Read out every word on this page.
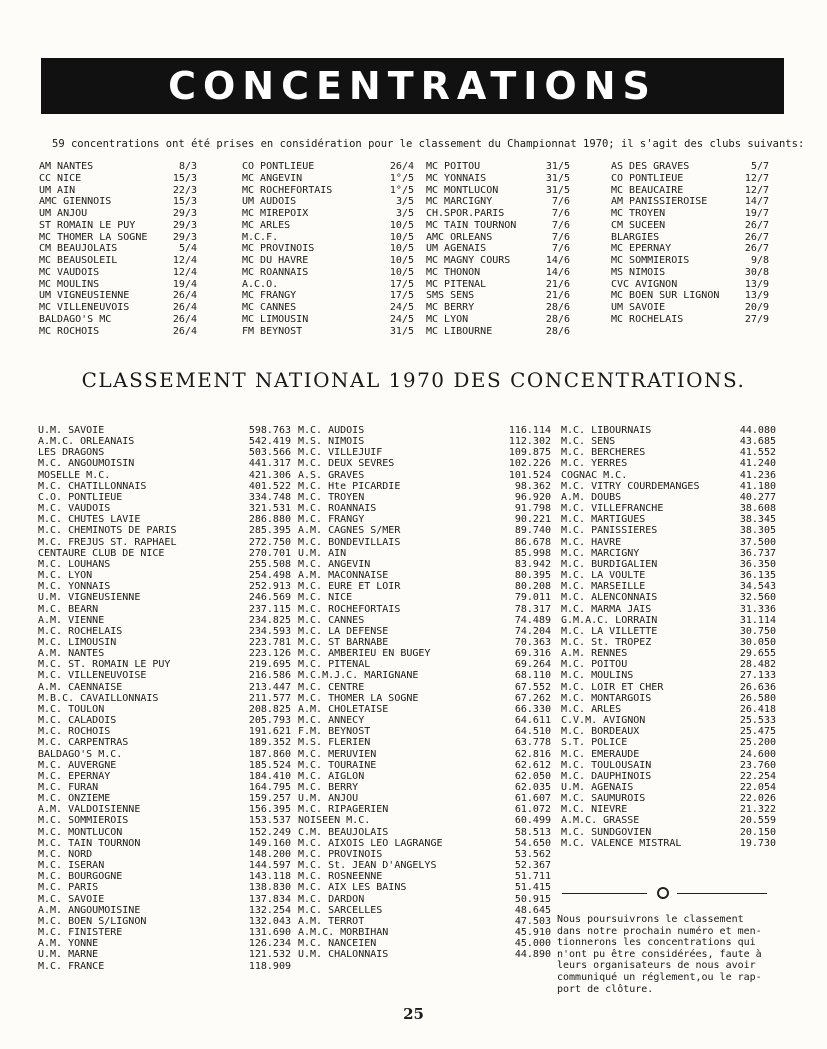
CONCENTRATIONS
59 concentrations ont été prises en considération pour le classement du Championnat 1970; il s'agit des clubs suivants:
AM NANTES	8/3
CC NICE	15/3
UM AIN	22/3
AMC GIENNOIS	15/3
UM ANJOU	29/3
ST ROMAIN LE PUY	29/3
MC THOMER LA SOGNE	29/3
CM BEAUJOLAIS	5/4
MC BEAUSOLEIL	12/4
MC VAUDOIS	12/4
MC MOULINS	19/4
UM VIGNEUSIENNE	26/4
MC VILLENEUVOIS	26/4
BALDAGO'S MC	26/4
MC ROCHOIS	26/4
CO PONTLIEUE	26/4
MC ANGEVIN	1°/5
MC ROCHEFORTAIS	1°/5
UM AUDOIS	3/5
MC MIREPOIX	3/5
MC ARLES	10/5
M.C.F.	10/5
MC PROVINOIS	10/5
MC DU HAVRE	10/5
MC ROANNAIS	10/5
A.C.O.	17/5
MC FRANGY	17/5
MC CANNES	24/5
MC LIMOUSIN	24/5
FM BEYNOST	31/5
MC POITOU	31/5
MC YONNAIS	31/5
MC MONTLUCON	31/5
MC MARCIGNY	7/6
CH.SPOR.PARIS	7/6
MC TAIN TOURNON	7/6
AMC ORLEANS	7/6
UM AGENAIS	7/6
MC MAGNY COURS	14/6
MC THONON	14/6
MC PITENAL	21/6
SMS SENS	21/6
MC BERRY	28/6
MC LYON	28/6
MC LIBOURNE	28/6
AS DES GRAVES	5/7
CO PONTLIEUE	12/7
MC BEAUCAIRE	12/7
AM PANISSIEROISE	14/7
MC TROYEN	19/7
CM SUCEEN	26/7
BLARGIES	26/7
MC EPERNAY	26/7
MC SOMMIEROIS	9/8
MS NIMOIS	30/8
CVC AVIGNON	13/9
MC BOEN SUR LIGNON	13/9
UM SAVOIE	20/9
MC ROCHELAIS	27/9
CLASSEMENT NATIONAL 1970 DES CONCENTRATIONS.
U.M. SAVOIE	598.763
A.M.C. ORLEANAIS	542.419
LES DRAGONS	503.566
M.C. ANGOUMOISIN	441.317
MOSELLE M.C.	421.306
M.C. CHATILLONNAIS	401.522
C.O. PONTLIEUE	334.748
M.C. VAUDOIS	321.531
M.C. CHUTES LAVIE	286.880
M.C. CHEMINOTS DE PARIS	285.395
M.C. FREJUS ST. RAPHAEL	272.750
CENTAURE CLUB DE NICE	270.701
M.C. LOUHANS	255.508
M.C. LYON	254.498
M.C. YONNAIS	252.913
U.M. VIGNEUSIENNE	246.569
M.C. BEARN	237.115
A.M. VIENNE	234.825
M.C. ROCHELAIS	234.593
M.C. LIMOUSIN	223.781
A.M. NANTES	223.126
M.C. ST. ROMAIN LE PUY	219.695
M.C. VILLENEUVOISE	216.586
A.M. CAENNAISE	213.447
M.B.C. CAVAILLONNAIS	211.577
M.C. TOULON	208.825
M.C. CALADOIS	205.793
M.C. ROCHOIS	191.621
M.C. CARPENTRAS	189.352
BALDAGO'S M.C.	187.860
M.C. AUVERGNE	185.524
M.C. EPERNAY	184.410
M.C. FURAN	164.795
M.C. ONZIEME	159.257
A.M. VALDOISIENNE	156.395
M.C. SOMMIEROIS	153.537
M.C. MONTLUCON	152.249
M.C. TAIN TOURNON	149.160
M.C. NORD	148.200
M.C. ISERAN	144.597
M.C. BOURGOGNE	143.118
M.C. PARIS	138.830
M.C. SAVOIE	137.834
A.M. ANGOUMOISINE	132.254
M.C. BOEN S/LIGNON	132.043
M.C. FINISTERE	131.690
A.M. YONNE	126.234
U.M. MARNE	121.532
M.C. FRANCE	118.909
M.C. AUDOIS	116.114
M.S. NIMOIS	112.302
M.C. VILLEJUIF	109.875
M.C. DEUX SEVRES	102.226
A.S. GRAVES	101.524
M.C. Hte PICARDIE	98.362
M.C. TROYEN	96.920
M.C. ROANNAIS	91.798
M.C. FRANGY	90.221
A.M. CAGNES S/MER	89.740
M.C. BONDEVILLAIS	86.678
U.M. AIN	85.998
M.C. ANGEVIN	83.942
A.M. MACONNAISE	80.395
M.C. EURE ET LOIR	80.208
M.C. NICE	79.011
M.C. ROCHEFORTAIS	78.317
M.C. CANNES	74.489
M.C. LA DEFENSE	74.204
M.C. ST BARNABE	70.363
M.C. AMBERIEU EN BUGEY	69.316
M.C. PITENAL	69.264
M.C.M.J.C. MARIGNANE	68.110
M.C. CENTRE	67.552
M.C. THOMER LA SOGNE	67.262
A.M. CHOLETAISE	66.330
M.C. ANNECY	64.611
F.M. BEYNOST	64.510
M.S. FLERIEN	63.778
M.C. MERUVIEN	62.816
M.C. TOURAINE	62.612
M.C. AIGLON	62.050
M.C. BERRY	62.035
U.M. ANJOU	61.607
M.C. RIPAGERIEN	61.072
NOISEEN M.C.	60.499
C.M. BEAUJOLAIS	58.513
M.C. AIXOIS LEO LAGRANGE	54.650
M.C. PROVINOIS	53.562
M.C. St. JEAN D'ANGELYS	52.367
M.C. ROSNEENNE	51.711
M.C. AIX LES BAINS	51.415
M.C. DARDON	50.915
M.C. SARCELLES	48.645
A.M. TERROT	47.503
A.M.C. MORBIHAN	45.910
M.C. NANCEIEN	45.000
U.M. CHALONNAIS	44.890
M.C. LIBOURNAIS	44.080
M.C. SENS	43.685
M.C. BERCHERES	41.552
M.C. YERRES	41.240
COGNAC M.C.	41.236
M.C. VITRY COURDEMANGES	41.180
A.M. DOUBS	40.277
M.C. VILLEFRANCHE	38.608
M.C. MARTIGUES	38.345
M.C. PANISSIERES	38.305
M.C. HAVRE	37.500
M.C. MARCIGNY	36.737
M.C. BURDIGALIEN	36.350
M.C. LA VOULTE	36.135
M.C. MARSEILLE	34.543
M.C. ALENCONNAIS	32.560
M.C. MARMA JAIS	31.336
G.M.A.C. LORRAIN	31.114
M.C. LA VILLETTE	30.750
M.C. St. TROPEZ	30.050
A.M. RENNES	29.655
M.C. POITOU	28.482
M.C. MOULINS	27.133
M.C. LOIR ET CHER	26.636
M.C. MONTARGOIS	26.580
M.C. ARLES	26.418
C.V.M. AVIGNON	25.533
M.C. BORDEAUX	25.475
S.T. POLICE	25.200
M.C. EMERAUDE	24.600
M.C. TOULOUSAIN	23.760
M.C. DAUPHINOIS	22.254
U.M. AGENAIS	22.054
M.C. SAUMUROIS	22.026
M.C. NIEVRE	21.322
A.M.C. GRASSE	20.559
M.C. SUNDGOVIEN	20.150
M.C. VALENCE MISTRAL	19.730
Nous poursuivrons le classement
dans notre prochain numéro et men-
tionnerons les concentrations qui
n'ont pu être considérées, faute à
leurs organisateurs de nous avoir
communiqué un réglement,ou le rap-
port de clôture.
25
